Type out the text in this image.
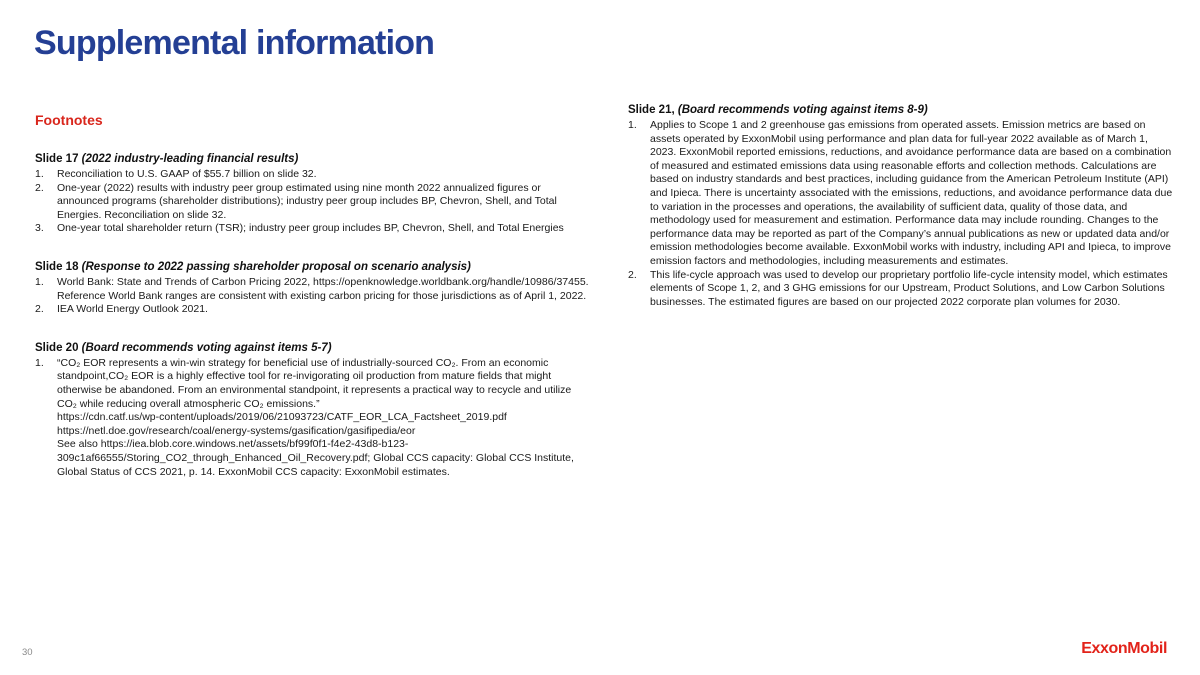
Supplemental information
Footnotes
Slide 17 (2022 industry-leading financial results)
1.	Reconciliation to U.S. GAAP of $55.7 billion on slide 32.
2.	One-year (2022) results with industry peer group estimated using nine month 2022 annualized figures or announced programs (shareholder distributions); industry peer group includes BP, Chevron, Shell, and Total Energies. Reconciliation on slide 32.
3.	One-year total shareholder return (TSR); industry peer group includes BP, Chevron, Shell, and Total Energies
Slide 18 (Response to 2022 passing shareholder proposal on scenario analysis)
1.	World Bank: State and Trends of Carbon Pricing 2022, https://openknowledge.worldbank.org/handle/10986/37455. Reference World Bank ranges are consistent with existing carbon pricing for those jurisdictions as of April 1, 2022.
2.	IEA World Energy Outlook 2021.
Slide 20 (Board recommends voting against items 5-7)
1.	“CO₂ EOR represents a win-win strategy for beneficial use of industrially-sourced CO₂. From an economic standpoint,CO₂ EOR is a highly effective tool for re-invigorating oil production from mature fields that might otherwise be abandoned. From an environmental standpoint, it represents a practical way to recycle and utilize CO₂ while reducing overall atmospheric CO₂ emissions.”
https://cdn.catf.us/wp-content/uploads/2019/06/21093723/CATF_EOR_LCA_Factsheet_2019.pdf
https://netl.doe.gov/research/coal/energy-systems/gasification/gasifipedia/eor
See also https://iea.blob.core.windows.net/assets/bf99f0f1-f4e2-43d8-b123-309c1af66555/Storing_CO2_through_Enhanced_Oil_Recovery.pdf; Global CCS capacity: Global CCS Institute, Global Status of CCS 2021, p. 14. ExxonMobil CCS capacity: ExxonMobil estimates.
Slide 21, (Board recommends voting against items 8-9)
1.	Applies to Scope 1 and 2 greenhouse gas emissions from operated assets. Emission metrics are based on assets operated by ExxonMobil using performance and plan data for full-year 2022 available as of March 1, 2023. ExxonMobil reported emissions, reductions, and avoidance performance data are based on a combination of measured and estimated emissions data using reasonable efforts and collection methods. Calculations are based on industry standards and best practices, including guidance from the American Petroleum Institute (API) and Ipieca. There is uncertainty associated with the emissions, reductions, and avoidance performance data due to variation in the processes and operations, the availability of sufficient data, quality of those data, and methodology used for measurement and estimation. Performance data may include rounding. Changes to the performance data may be reported as part of the Company’s annual publications as new or updated data and/or emission methodologies become available. ExxonMobil works with industry, including API and Ipieca, to improve emission factors and methodologies, including measurements and estimates.
2.	This life-cycle approach was used to develop our proprietary portfolio life-cycle intensity model, which estimates elements of Scope 1, 2, and 3 GHG emissions for our Upstream, Product Solutions, and Low Carbon Solutions businesses. The estimated figures are based on our projected 2022 corporate plan volumes for 2030.
30	ExxonMobil
